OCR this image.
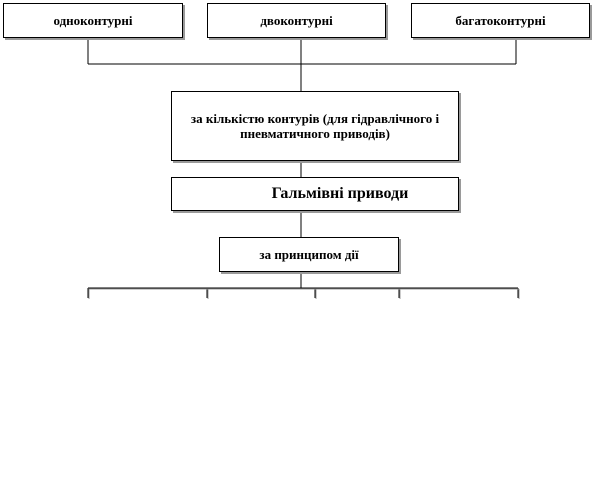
одноконтурні	двоконтурні	багатоконтурні
за кількістю контурів (для гідравлічного і пневматичного приводів)
Гальмівні приводи
за принципом дії
